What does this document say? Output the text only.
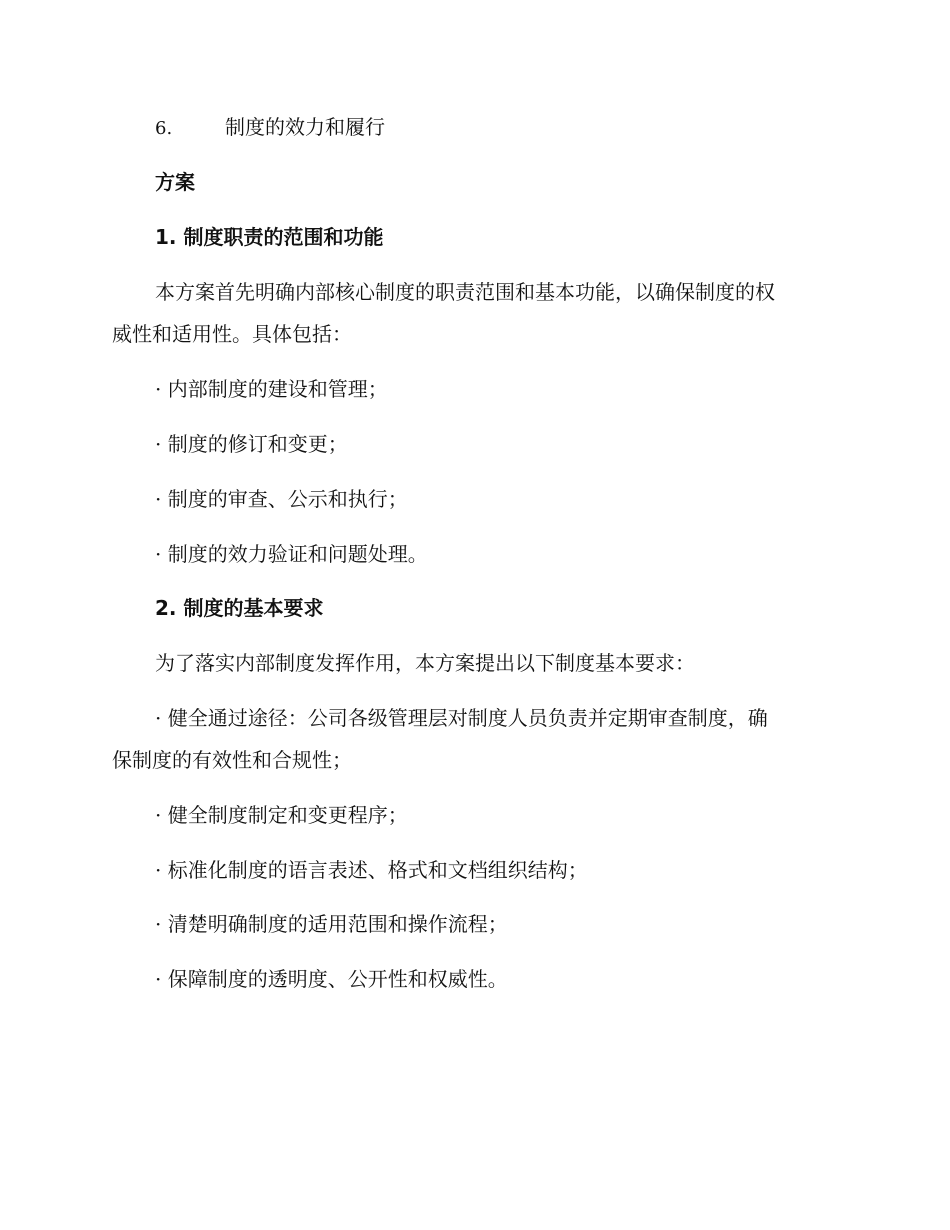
6.	制度的效力和履行
方案
1. 制度职责的范围和功能
本方案首先明确内部核心制度的职责范围和基本功能，以确保制度的权
威性和适用性。具体包括：
· 内部制度的建设和管理；
· 制度的修订和变更；
· 制度的审查、公示和执行；
· 制度的效力验证和问题处理。
2. 制度的基本要求
为了落实内部制度发挥作用，本方案提出以下制度基本要求：
· 健全通过途径：公司各级管理层对制度人员负责并定期审查制度，确
保制度的有效性和合规性；
· 健全制度制定和变更程序；
· 标准化制度的语言表述、格式和文档组织结构；
· 清楚明确制度的适用范围和操作流程；
· 保障制度的透明度、公开性和权威性。
